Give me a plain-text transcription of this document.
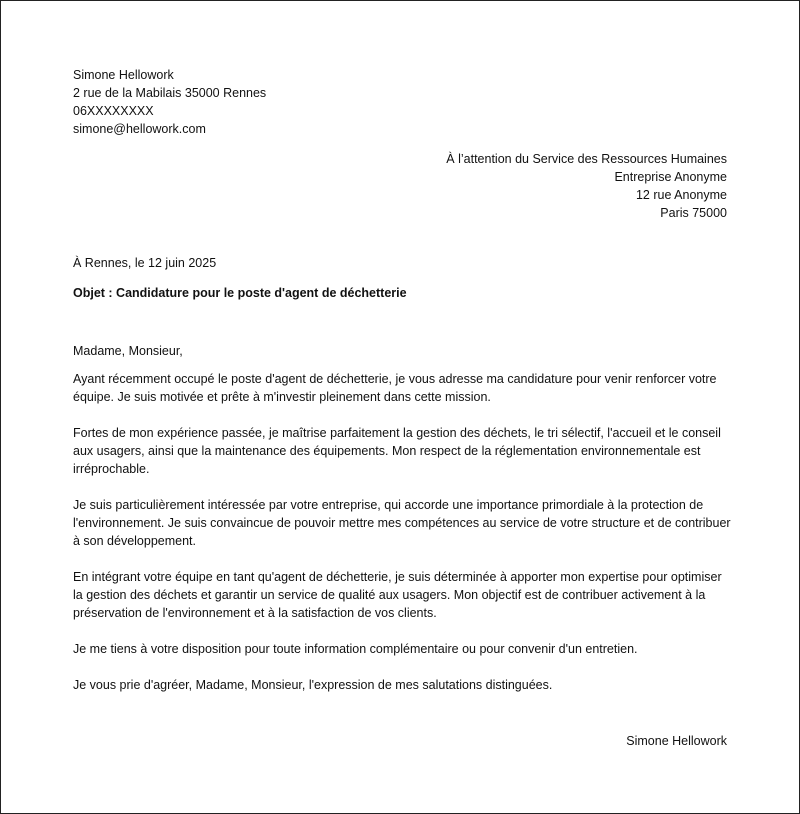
Simone Hellowork
2 rue de la Mabilais 35000 Rennes
06XXXXXXXX
simone@hellowork.com
À l’attention du Service des Ressources Humaines
Entreprise Anonyme
12 rue Anonyme
Paris 75000
À Rennes, le 12 juin 2025
Objet : Candidature pour le poste d'agent de déchetterie

Madame, Monsieur,

Ayant récemment occupé le poste d'agent de déchetterie, je vous adresse ma candidature pour venir renforcer votre équipe. Je suis motivée et prête à m'investir pleinement dans cette mission.

Fortes de mon expérience passée, je maîtrise parfaitement la gestion des déchets, le tri sélectif, l'accueil et le conseil aux usagers, ainsi que la maintenance des équipements. Mon respect de la réglementation environnementale est irréprochable.

Je suis particulièrement intéressée par votre entreprise, qui accorde une importance primordiale à la protection de l'environnement. Je suis convaincue de pouvoir mettre mes compétences au service de votre structure et de contribuer à son développement.

En intégrant votre équipe en tant qu'agent de déchetterie, je suis déterminée à apporter mon expertise pour optimiser la gestion des déchets et garantir un service de qualité aux usagers. Mon objectif est de contribuer activement à la préservation de l'environnement et à la satisfaction de vos clients.

Je me tiens à votre disposition pour toute information complémentaire ou pour convenir d'un entretien.

Je vous prie d'agréer, Madame, Monsieur, l'expression de mes salutations distinguées.

Simone Hellowork
